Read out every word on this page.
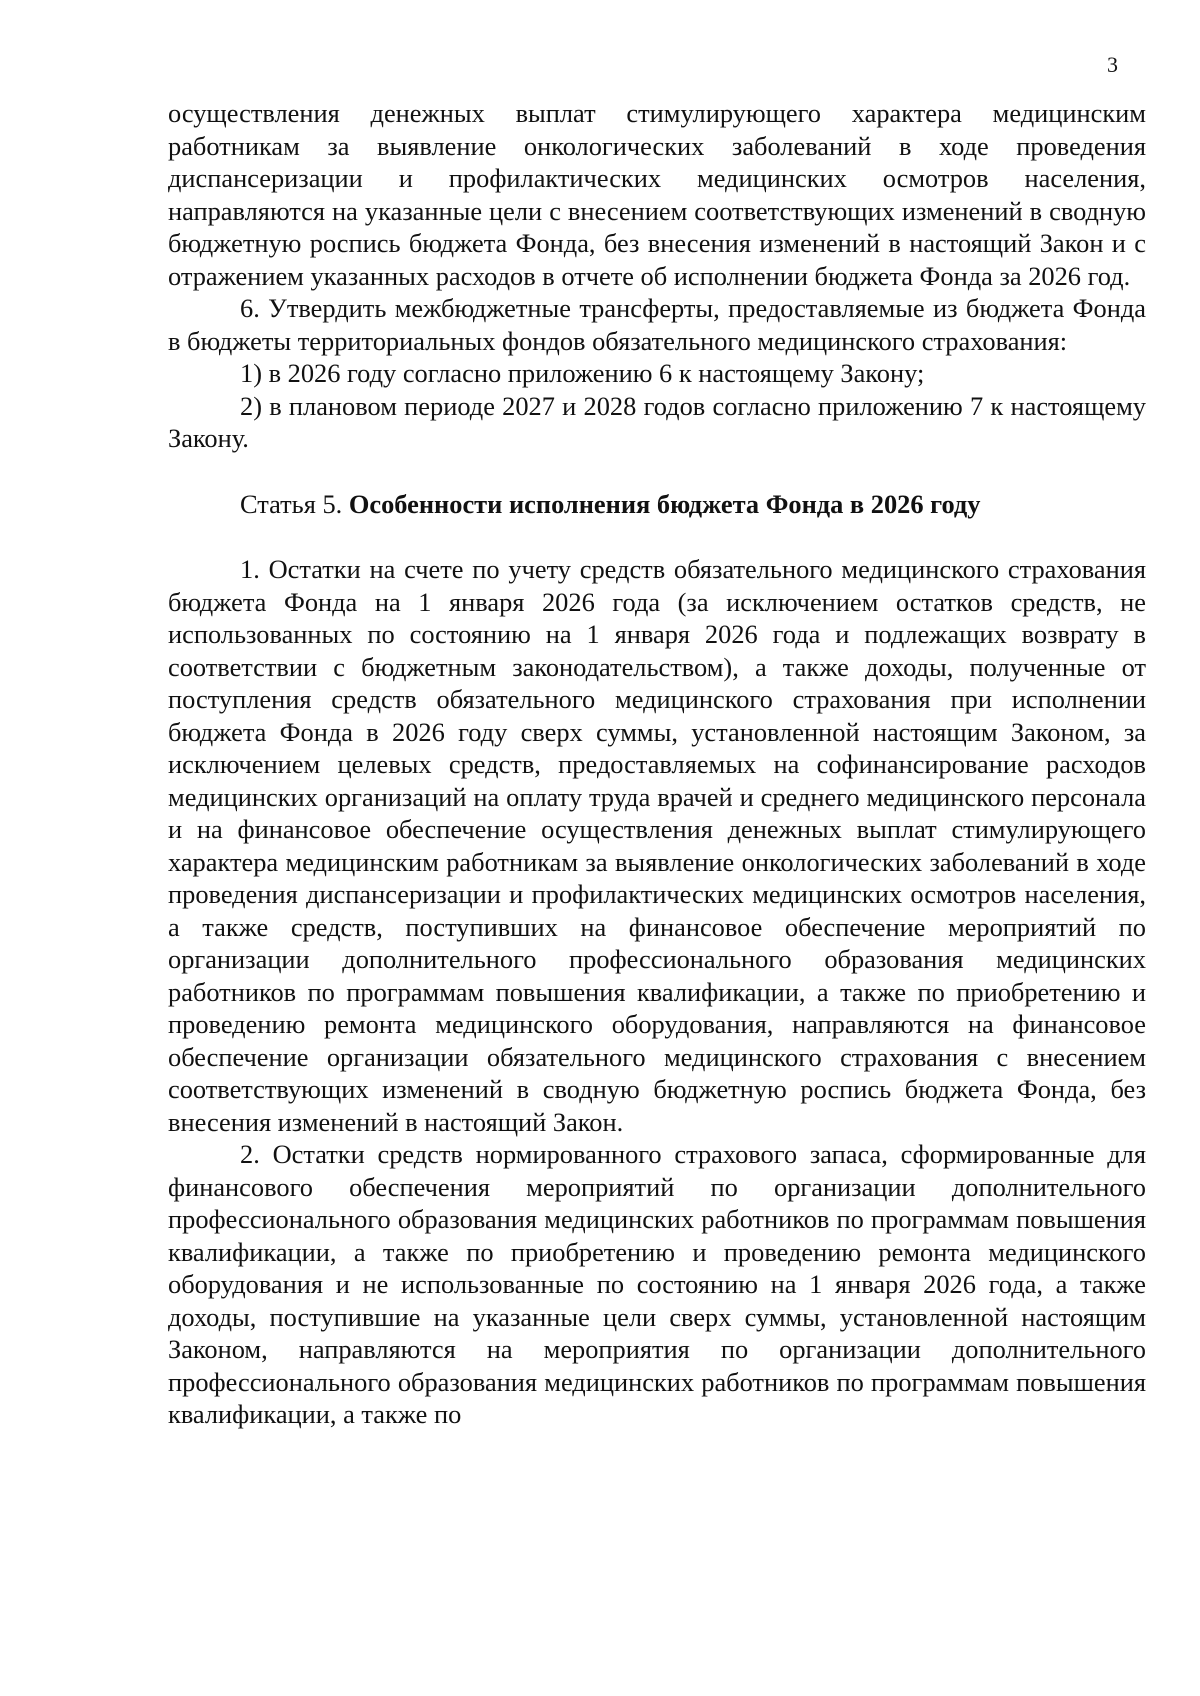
3

осуществления денежных выплат стимулирующего характера медицинским работникам за выявление онкологических заболеваний в ходе проведения диспансеризации и профилактических медицинских осмотров населения, направляются на указанные цели с внесением соответствующих изменений в сводную бюджетную роспись бюджета Фонда, без внесения изменений в настоящий Закон и с отражением указанных расходов в отчете об исполнении бюджета Фонда за 2026 год.

6. Утвердить межбюджетные трансферты, предоставляемые из бюджета Фонда в бюджеты территориальных фондов обязательного медицинского страхования:

1) в 2026 году согласно приложению 6 к настоящему Закону;

2) в плановом периоде 2027 и 2028 годов согласно приложению 7 к настоящему Закону.

Статья 5. Особенности исполнения бюджета Фонда в 2026 году

1. Остатки на счете по учету средств обязательного медицинского страхования бюджета Фонда на 1 января 2026 года (за исключением остатков средств, не использованных по состоянию на 1 января 2026 года и подлежащих возврату в соответствии с бюджетным законодательством), а также доходы, полученные от поступления средств обязательного медицинского страхования при исполнении бюджета Фонда в 2026 году сверх суммы, установленной настоящим Законом, за исключением целевых средств, предоставляемых на софинансирование расходов медицинских организаций на оплату труда врачей и среднего медицинского персонала и на финансовое обеспечение осуществления денежных выплат стимулирующего характера медицинским работникам за выявление онкологических заболеваний в ходе проведения диспансеризации и профилактических медицинских осмотров населения, а также средств, поступивших на финансовое обеспечение мероприятий по организации дополнительного профессионального образования медицинских работников по программам повышения квалификации, а также по приобретению и проведению ремонта медицинского оборудования, направляются на финансовое обеспечение организации обязательного медицинского страхования с внесением соответствующих изменений в сводную бюджетную роспись бюджета Фонда, без внесения изменений в настоящий Закон.

2. Остатки средств нормированного страхового запаса, сформированные для финансового обеспечения мероприятий по организации дополнительного профессионального образования медицинских работников по программам повышения квалификации, а также по приобретению и проведению ремонта медицинского оборудования и не использованные по состоянию на 1 января 2026 года, а также доходы, поступившие на указанные цели сверх суммы, установленной настоящим Законом, направляются на мероприятия по организации дополнительного профессионального образования медицинских работников по программам повышения квалификации, а также по
